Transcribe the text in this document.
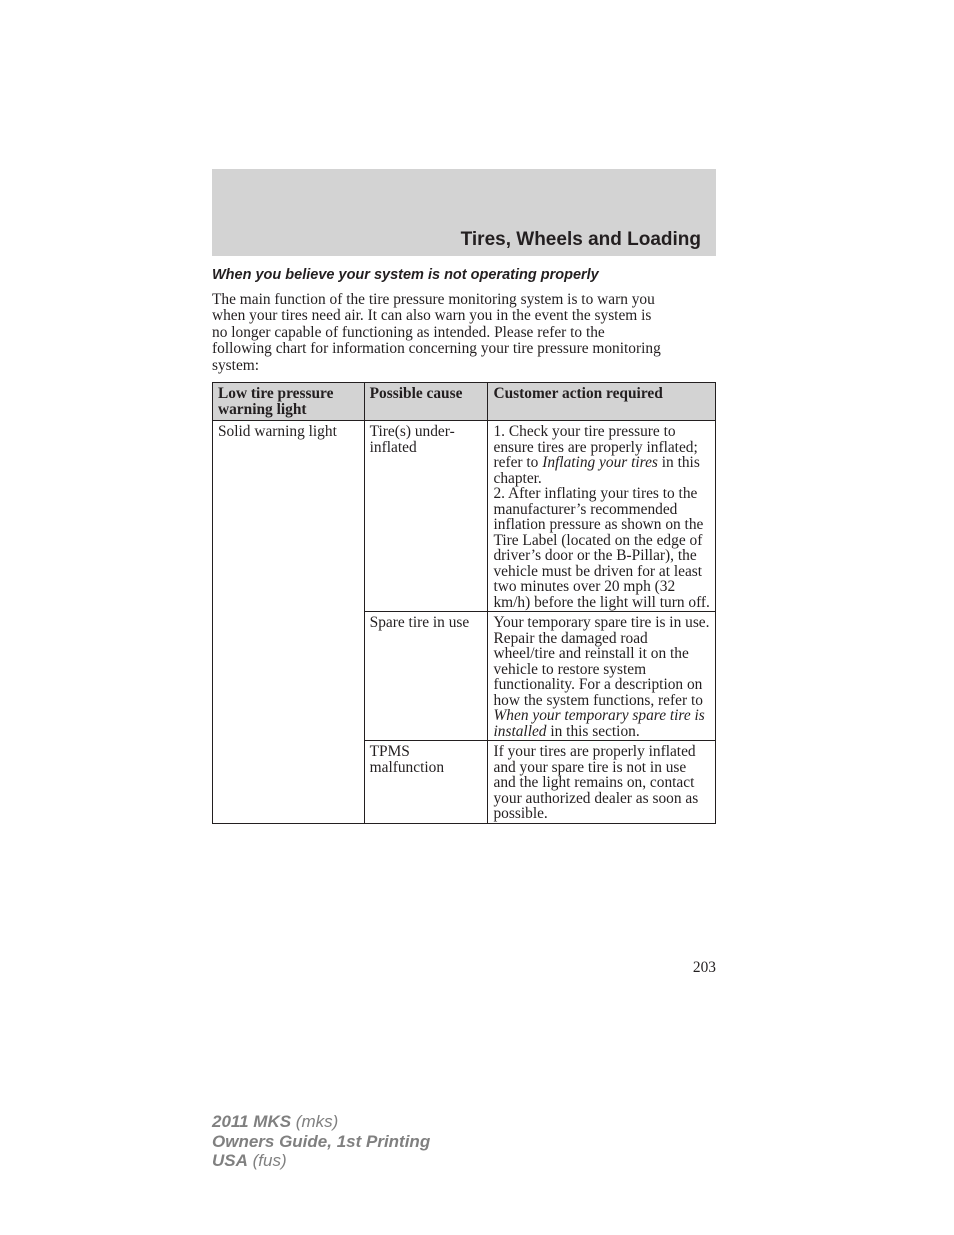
Tires, Wheels and Loading
When you believe your system is not operating properly

The main function of the tire pressure monitoring system is to warn you
when your tires need air. It can also warn you in the event the system is
no longer capable of functioning as intended. Please refer to the
following chart for information concerning your tire pressure monitoring
system:

Low tire pressure warning light	Possible cause	Customer action required
Solid warning light	Tire(s) under-inflated	1. Check your tire pressure to ensure tires are properly inflated; refer to Inflating your tires in this chapter.
2. After inflating your tires to the manufacturer’s recommended inflation pressure as shown on the Tire Label (located on the edge of driver’s door or the B-Pillar), the vehicle must be driven for at least two minutes over 20 mph (32 km/h) before the light will turn off.
	Spare tire in use	Your temporary spare tire is in use. Repair the damaged road wheel/tire and reinstall it on the vehicle to restore system functionality. For a description on how the system functions, refer to When your temporary spare tire is installed in this section.
	TPMS malfunction	If your tires are properly inflated and your spare tire is not in use and the light remains on, contact your authorized dealer as soon as possible.
203
2011 MKS (mks)
Owners Guide, 1st Printing
USA (fus)
